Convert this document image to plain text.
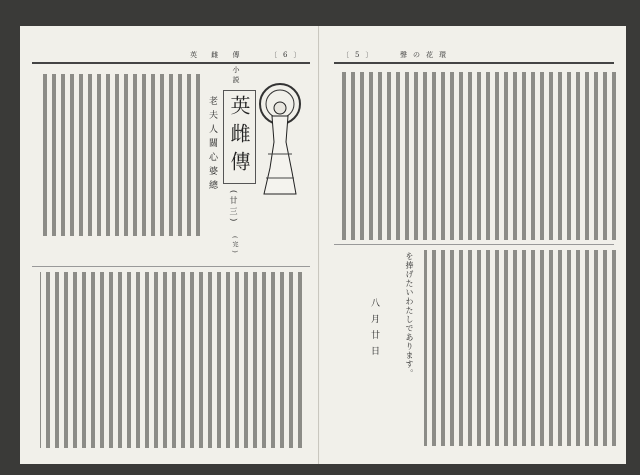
英 雌 傳	〔6〕
小説
英雌傳
老夫人關心婆總
(廿三)
(完)
〔5〕	聲の花環
を捧げたいわたしであります。
八月廿日
